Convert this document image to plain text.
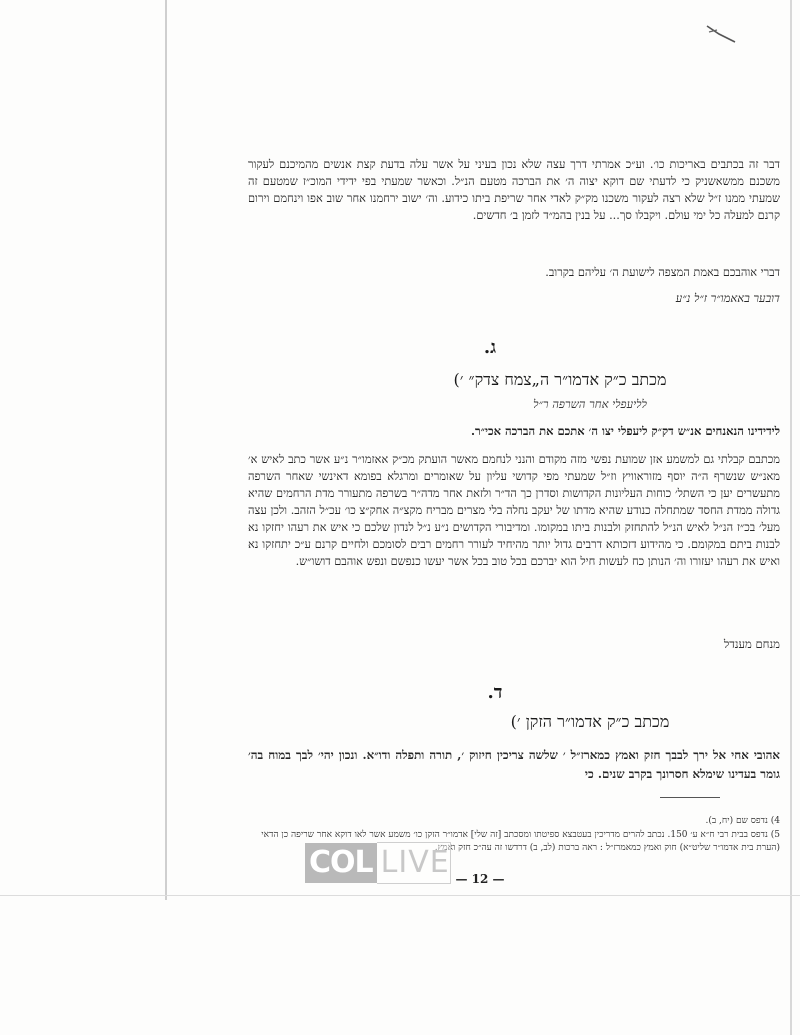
דבר זה בכתבים באריכות כו׳. וע״כ אמרתי דרך עצה שלא נכון בעיני על אשר עלה בדעת קצת אנשים מהמיכנם לעקור משכנם ממשאשניק כי לדעתי שם דוקא יצוה ה׳ את הברכה מטעם הנ״ל. וכאשר שמעתי בפי ידידי המוכ״ז שמטעם זה שמעתי ממנו ז״ל שלא רצה לעקור משכנו מק״ק לאדי אחר שריפת ביתו כידוע. וה׳ ישוב ירחמנו אחר שוב אפו וינחמם וירום קרנם למעלה כל ימי עולם. ויקבלו סך... על בנין בהמ״ד לזמן ב׳ חדשים.
דברי אוהבכם באמת המצפה לישועת ה׳ עליהם בקרוב.
דובער באאמו״ר ז״ל נ״ע
ג.
מכתב כ״ק אדמו״ר ה„צמח צדק״ ׳)
לליעפלי אחר השרפה ר״ל
לידידינו הנאנחים אנ״ש דק״ק ליעפלי יצו ה׳ אתכם את הברכה אכי״ר.
מכתבם קבלתי גם למשמע אזן שמועת נפשי מזה מקודם והנני לנחמם מאשר הועתק מכ״ק אאזמו״ר נ״ע אשר כתב לאיש א׳ מאנ״ש שנשרף ה״ה יוסף מזוראוויץ וז״ל שמעתי מפי קדושי עליון על שאומרים ומרגלא בפומא דאינשי שאחר השרפה מתעשרים יען כי השתל׳ כוחות העליונות הקדושות וסדרן כך הד״ר ולזאת אחר מדה״ר בשרפה מתעורר מדת הרחמים שהיא גדולה ממדת החסד שמתחלה כנודע שהיא מדתו של יעקב נחלה בלי מצרים מבריח מקצ״ה אחק״צ כו׳ עכ״ל הזהב. ולכן עצה מעל׳ בכ״ז הנ״ל לאיש הנ״ל להתחזק ולבנות ביתו במקומו. ומדיבורי הקדושים נ״ע נ״ל לנדון שלכם כי איש את רעהו יחזקו נא לבנות ביתם במקומם. כי מהידוע דזכותא דרבים גדול יותר מהיחיד לעורר רחמים רבים לסומכם ולחיים קרנם ע״כ יתחזקו נא ואיש את רעהו יעזורו וה׳ הנותן כח לעשות חיל הוא יברכם בכל טוב בכל אשר יעשו כנפשם ונפש אוהבם דושו״ש.
מנחם מענדל
ד.
מכתב כ״ק אדמו״ר הזקן ׳)
אהובי אחי אל ירך לבבך חזק ואמץ כמארז״ל ׳ שלשה צריכין חיזוק ׳, תורה ותפלה ודו״א. ונכון יהי׳ לבך במוח בה׳ גומר בעדינו שימלא חסרונך בקרב שנים. כי
4) נדפס שם (יח, ב).
5) נדפס בבית רבי ח״א ע׳ 150. נכתב להרים מדריכין בעטבצא ספיטתו ומסכתב [זה שלי] אדמו״ר הזקן כו׳ משמע אשר לאו דוקא אחר שריפה כן הדאי (הערת בית אדמו״ר שליט״א) חוק ואמץ כמאמרז״ל : ראה ברכות (לב, ב) דרדשו זה עה״כ חזק ואמץ.
COL LIVE — 12 —
